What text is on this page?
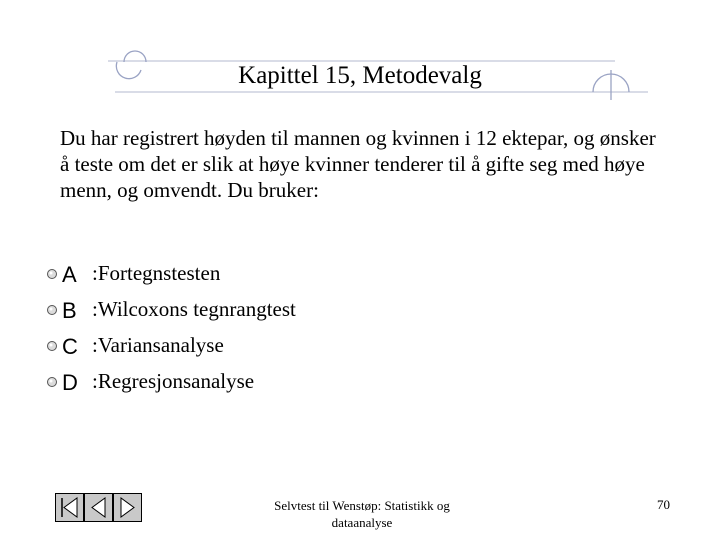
Kapittel 15, Metodevalg
Du har registrert høyden til mannen og kvinnen i 12 ektepar, og ønsker å teste om det er slik at høye kvinner tenderer til å gifte seg med høye menn, og omvendt. Du bruker:
A :Fortegnstesten
B :Wilcoxons tegnrangtest
C :Variansanalyse
D :Regresjonsanalyse
Selvtest til Wenstøp: Statistikk og dataanalyse
70
